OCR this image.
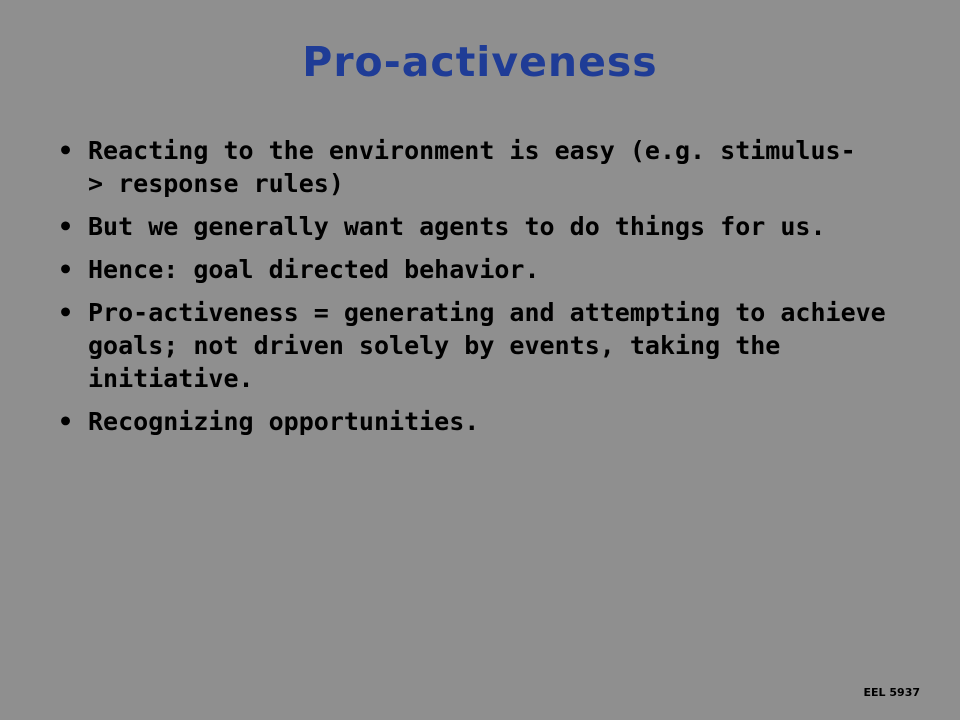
Pro-activeness
• Reacting to the environment is easy (e.g. stimulus-> response rules)
• But we generally want agents to do things for us.
• Hence: goal directed behavior.
• Pro-activeness = generating and attempting to achieve goals; not driven solely by events, taking the initiative.
• Recognizing opportunities.
EEL 5937
